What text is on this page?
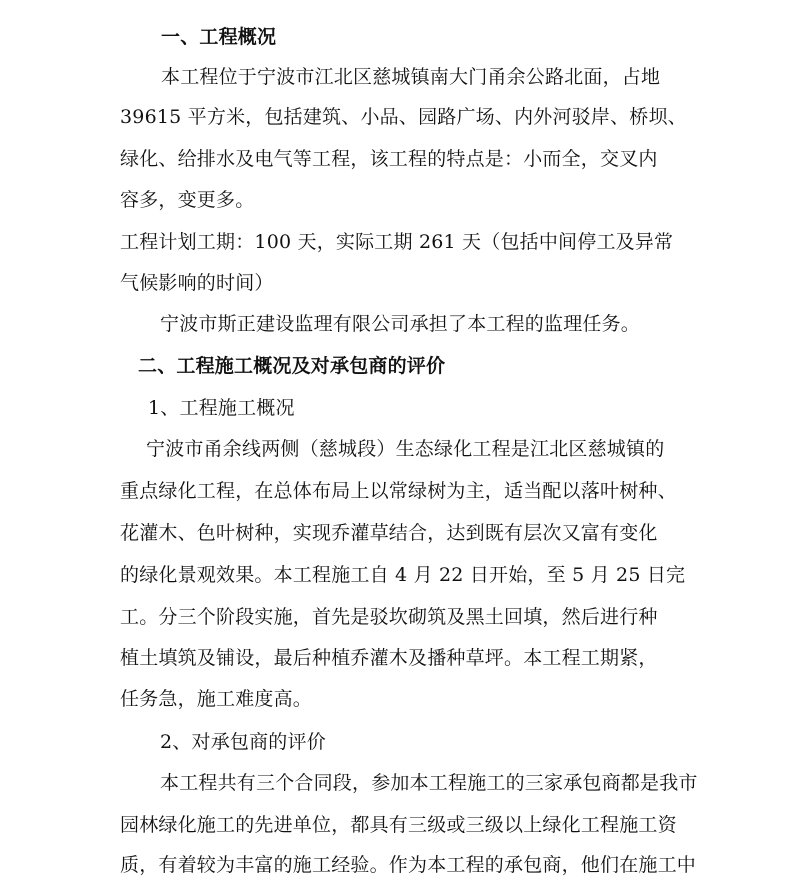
一、工程概况
本工程位于宁波市江北区慈城镇南大门甬余公路北面，占地
39615 平方米，包括建筑、小品、园路广场、内外河驳岸、桥坝、
绿化、给排水及电气等工程，该工程的特点是：小而全，交叉内
容多，变更多。
工程计划工期：100 天，实际工期 261 天（包括中间停工及异常
气候影响的时间）
宁波市斯正建设监理有限公司承担了本工程的监理任务。
二、工程施工概况及对承包商的评价
1、工程施工概况
宁波市甬余线两侧（慈城段）生态绿化工程是江北区慈城镇的
重点绿化工程，在总体布局上以常绿树为主，适当配以落叶树种、
花灌木、色叶树种，实现乔灌草结合，达到既有层次又富有变化
的绿化景观效果。本工程施工自 4 月 22 日开始，至 5 月 25 日完
工。分三个阶段实施，首先是驳坎砌筑及黑土回填，然后进行种
植土填筑及铺设，最后种植乔灌木及播种草坪。本工程工期紧，
任务急，施工难度高。
2、对承包商的评价
本工程共有三个合同段，参加本工程施工的三家承包商都是我市
园林绿化施工的先进单位，都具有三级或三级以上绿化工程施工资
质，有着较为丰富的施工经验。作为本工程的承包商，他们在施工中
